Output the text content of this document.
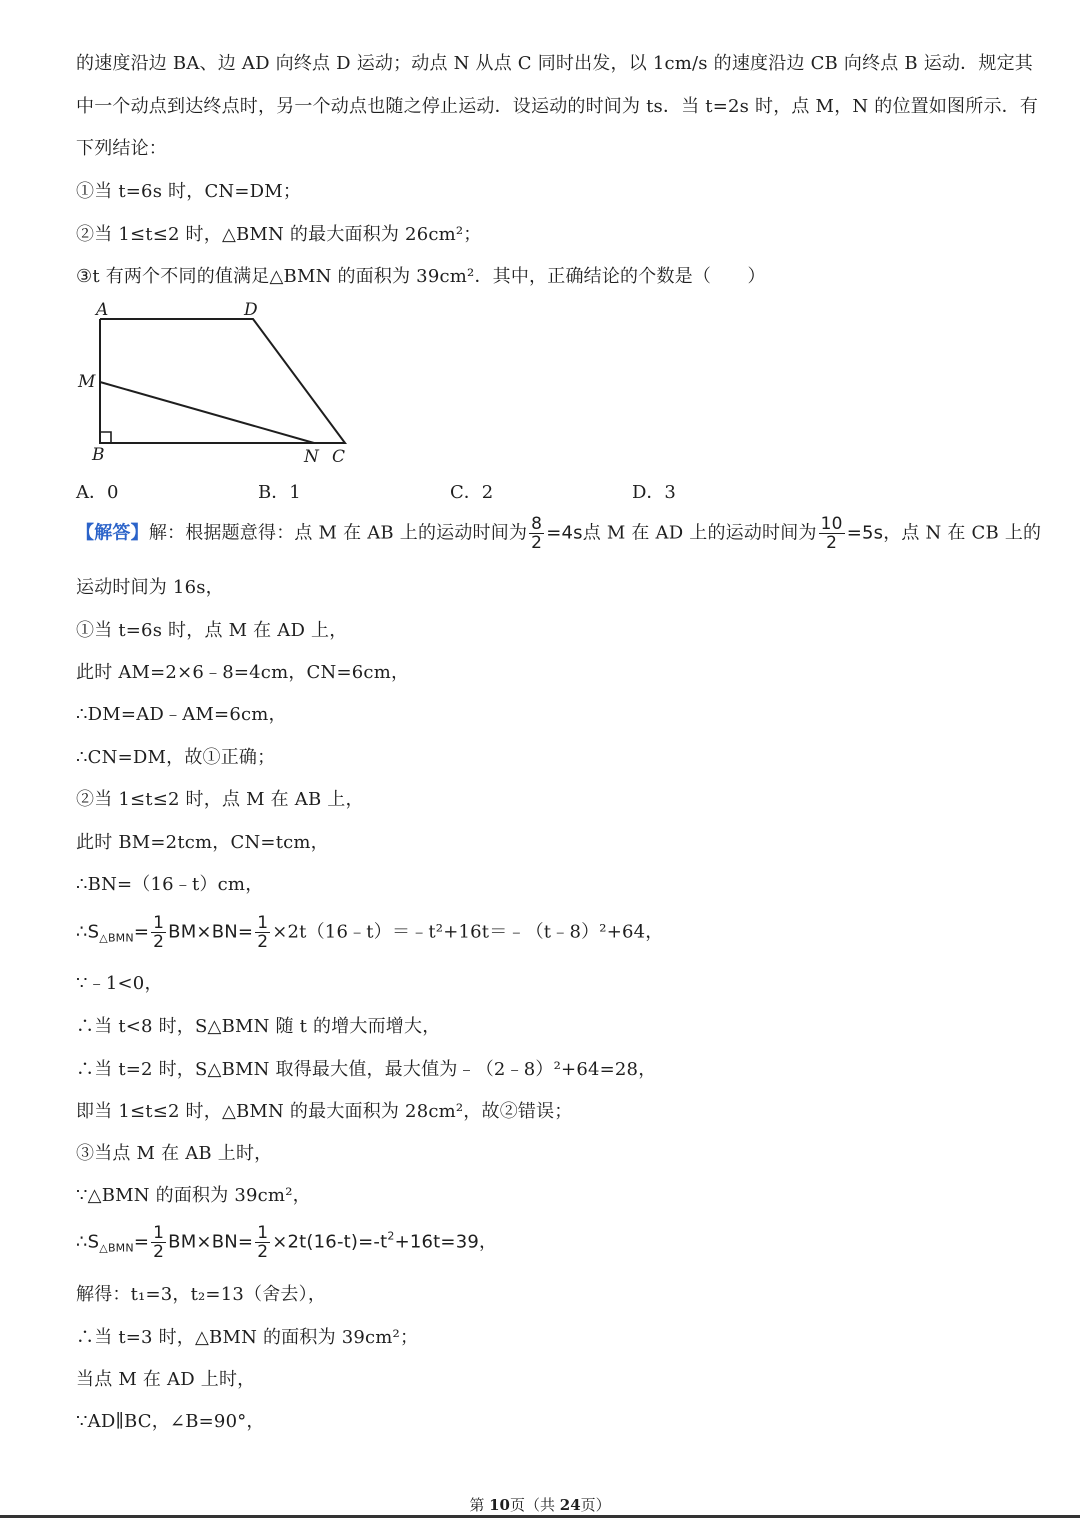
的速度沿边 BA、边 AD 向终点 D 运动；动点 N 从点 C 同时出发，以 1cm/s 的速度沿边 CB 向终点 B 运动．规定其
中一个动点到达终点时，另一个动点也随之停止运动．设运动的时间为 ts．当 t=2s 时，点 M，N 的位置如图所示．有
下列结论：
①当 t=6s 时，CN=DM；
②当 1≤t≤2 时，△BMN 的最大面积为 26cm²；
③t 有两个不同的值满足△BMN 的面积为 39cm²．其中，正确结论的个数是（　　）
A	D
M
B	N C
A．0	B．1	C．2	D．3
【解答】解：根据题意得：点 M 在 AB 上的运动时间为 $\frac{8}{2} =4s$点 M 在 AD 上的运动时间为 $\frac{10}{2} =5s$，点 N 在 CB 上的
运动时间为 16s，
①当 t=6s 时，点 M 在 AD 上，
此时 AM=2×6﹣8=4cm，CN=6cm，
∴DM=AD﹣AM=6cm，
∴CN=DM，故①正确；
②当 1≤t≤2 时，点 M 在 AB 上，
此时 BM=2tcm，CN=tcm，
∴BN=（16﹣t）cm，
$\therefore S_{\triangle BMN}= \frac{1}{2} BM\times BN= \frac{1}{2}$ ×2t（16﹣t）＝﹣t²+16t＝﹣（t﹣8）²+64，
∵﹣1<0，
∴当 t<8 时，S△BMN 随 t 的增大而增大，
∴当 t=2 时，S△BMN 取得最大值，最大值为﹣（2﹣8）²+64=28，
即当 1≤t≤2 时，△BMN 的最大面积为 28cm²，故②错误；
③当点 M 在 AB 上时，
∵△BMN 的面积为 39cm²，
$\therefore S_{\triangle BMN}= \frac{1}{2} BM\times BN= \frac{1}{2} \times 2t(16-t)=-t^2+16t=39$，
解得：t₁=3，t₂=13（舍去），
∴当 t=3 时，△BMN 的面积为 39cm²；
当点 M 在 AD 上时，
∵AD∥BC，∠B=90°，
第 10页（共 24页）
